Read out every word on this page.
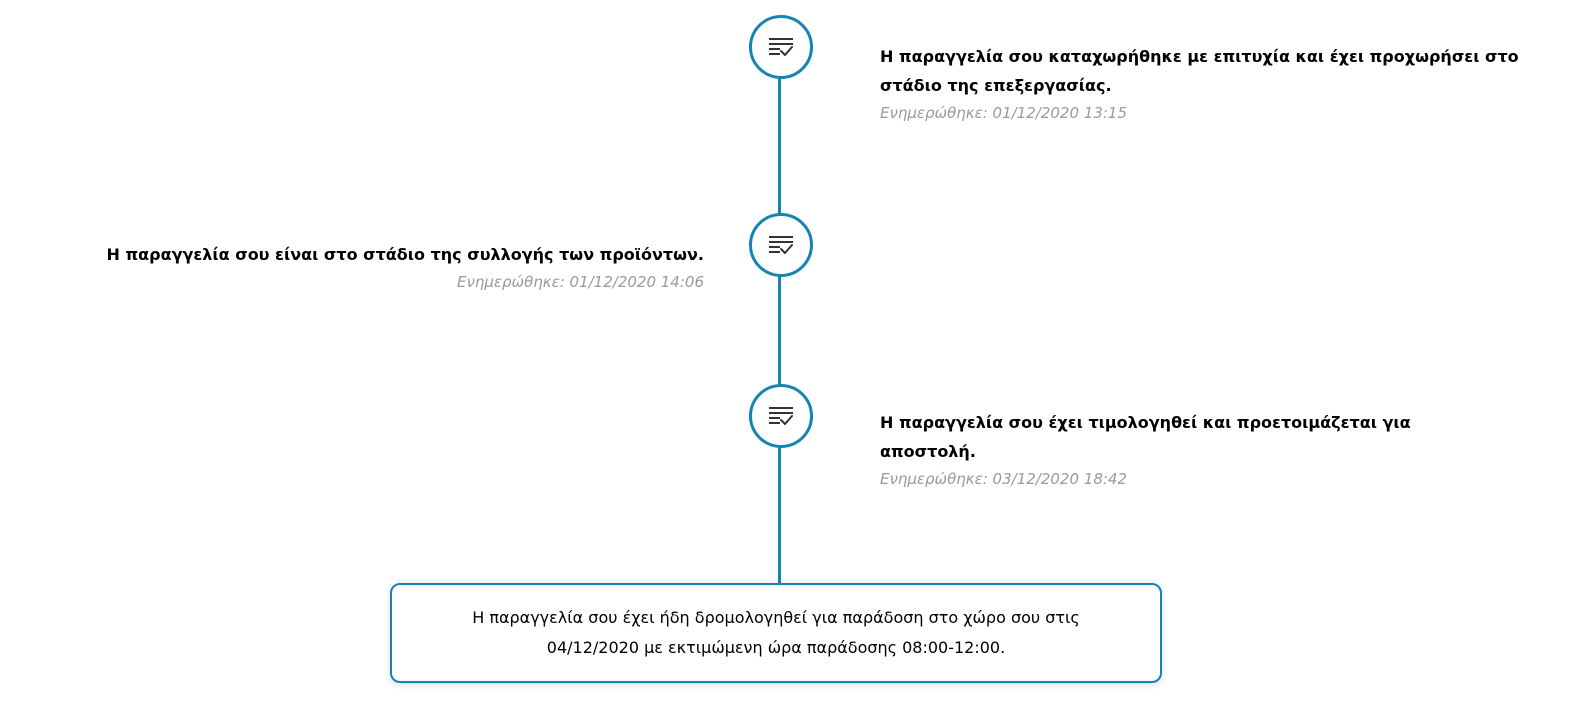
Η παραγγελία σου καταχωρήθηκε με επιτυχία και έχει προχωρήσει στο στάδιο της επεξεργασίας.

Ενημερώθηκε: 01/12/2020 13:15

Η παραγγελία σου είναι στο στάδιο της συλλογής των προϊόντων.

Ενημερώθηκε: 01/12/2020 14:06

Η παραγγελία σου έχει τιμολογηθεί και προετοιμάζεται για αποστολή.

Ενημερώθηκε: 03/12/2020 18:42
Η παραγγελία σου έχει ήδη δρομολογηθεί για παράδοση στο χώρο σου στις 04/12/2020 με εκτιμώμενη ώρα παράδοσης 08:00-12:00.
